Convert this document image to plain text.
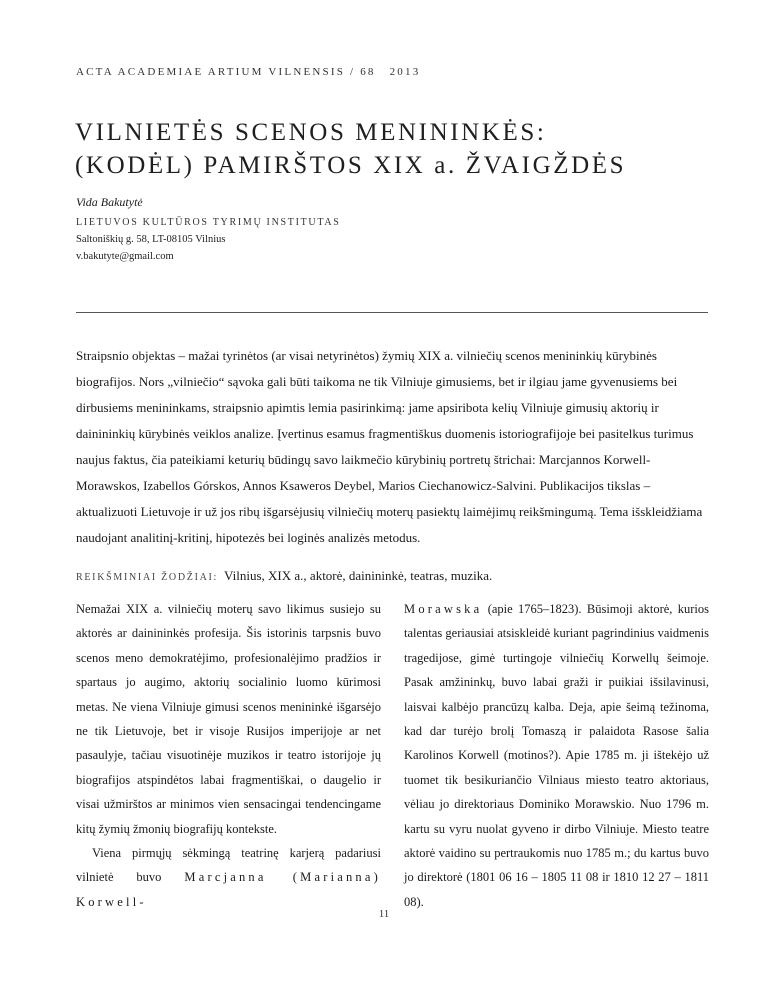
ACTA ACADEMIAE ARTIUM VILNENSIS / 68 2013
VILNIETĖS SCENOS MENININKĖS:
(KODĖL) PAMIRŠTOS XIX a. ŽVAIGŽDĖS

Vida Bakutytė

LIETUVOS KULTŪROS TYRIMŲ INSTITUTAS

Saltoniškių g. 58, LT-08105 Vilnius

v.bakutyte@gmail.com

Straipsnio objektas – mažai tyrinėtos (ar visai netyrinėtos) žymių XIX a. vilniečių scenos menininkių kūrybinės biografijos. Nors „vilniečio“ sąvoka gali būti taikoma ne tik Vilniuje gimusiems, bet ir ilgiau jame gyvenusiems bei dirbusiems menininkams, straipsnio apimtis lemia pasirinkimą: jame apsiribota kelių Vilniuje gimusių aktorių ir dainininkių kūrybinės veiklos analize. Įvertinus esamus fragmentiškus duomenis istoriografijoje bei pasitelkus turimus naujus faktus, čia pateikiami keturių būdingų savo laikmečio kūrybinių portretų štrichai: Marcjannos Korwell-Morawskos, Izabellos Górskos, Annos Ksaweros Deybel, Marios Ciechanowicz-Salvini. Publikacijos tikslas – aktualizuoti Lietuvoje ir už jos ribų išgarsėjusių vilniečių moterų pasiektų laimėjimų reikšmingumą. Tema išskleidžiama naudojant analitinį-kritinį, hipotezės bei loginės analizės metodus.

REIKŠMINIAI ŽODŽIAI: Vilnius, XIX a., aktorė, dainininkė, teatras, muzika.

Nemažai XIX a. vilniečių moterų savo likimus susiejo su aktorės ar dainininkės profesija. Šis istorinis tarpsnis buvo scenos meno demokratėjimo, profesionalėjimo pradžios ir spartaus jo augimo, aktorių socialinio luomo kūrimosi metas. Ne viena Vilniuje gimusi scenos menininkė išgarsėjo ne tik Lietuvoje, bet ir visoje Rusijos imperijoje ar net pasaulyje, tačiau visuotinėje muzikos ir teatro istorijoje jų biografijos atspindėtos labai fragmentiškai, o daugelio ir visai užmirštos ar minimos vien sensacingai tendencingame kitų žymių žmonių biografijų kontekste.

Viena pirmųjų sėkmingą teatrinę karjerą padariusi vilnietė buvo Marcjanna (Marianna) Korwell-

Morawska (apie 1765–1823). Būsimoji aktorė, kurios talentas geriausiai atsiskleidė kuriant pagrindinius vaidmenis tragedijose, gimė turtingoje vilniečių Korwellų šeimoje. Pasak amžininkų, buvo labai graži ir puikiai išsilavinusi, laisvai kalbėjo prancūzų kalba. Deja, apie šeimą težinoma, kad dar turėjo brolį Tomaszą ir palaidota Rasose šalia Karolinos Korwell (motinos?). Apie 1785 m. ji ištekėjo už tuomet tik besikuriančio Vilniaus miesto teatro aktoriaus, vėliau jo direktoriaus Dominiko Morawskio. Nuo 1796 m. kartu su vyru nuolat gyveno ir dirbo Vilniuje. Miesto teatre aktorė vaidino su pertraukomis nuo 1785 m.; du kartus buvo jo direktorė (1801 06 16 – 1805 11 08 ir 1810 12 27 – 1811 08).

11
